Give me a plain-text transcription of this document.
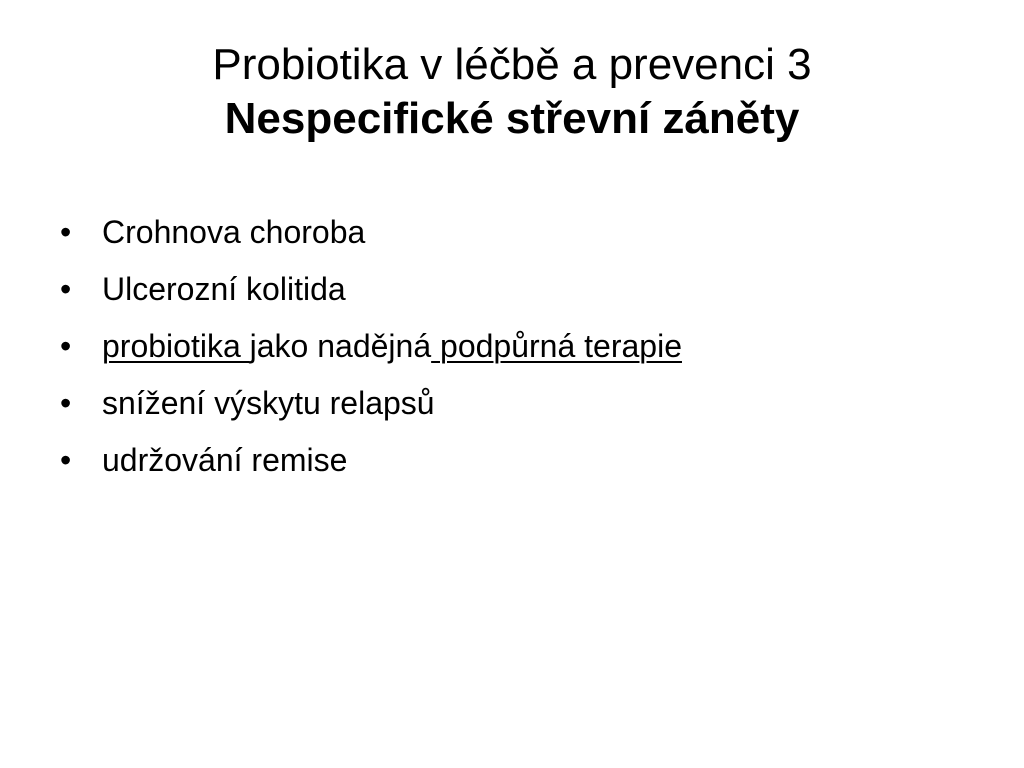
Probiotika v léčbě a prevenci 3
Nespecifické střevní záněty
• Crohnova choroba
• Ulcerozní kolitida
• probiotika jako nadějná podpůrná terapie
• snížení výskytu relapsů
• udržování remise
